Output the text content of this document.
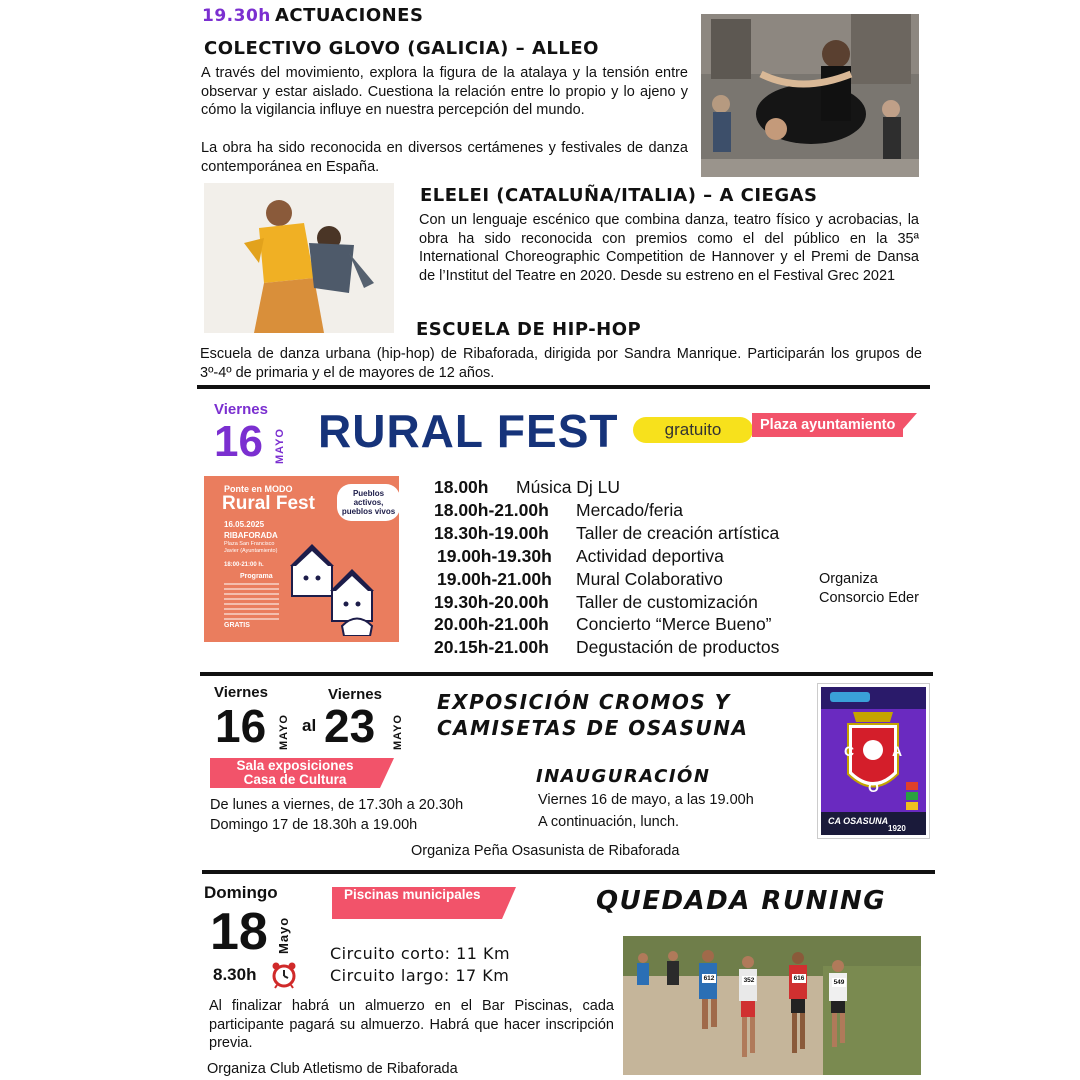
19.30h ACTUACIONES
COLECTIVO GLOVO (GALICIA) – ALLEO
A través del movimiento, explora la figura de la atalaya y la tensión entre observar y estar aislado. Cuestiona la relación entre lo propio y lo ajeno y cómo la vigilancia influye en nuestra percepción del mundo.
La obra ha sido reconocida en diversos certámenes y festivales de danza contemporánea en España.
ELELEI (CATALUÑA/ITALIA) – A CIEGAS
Con un lenguaje escénico que combina danza, teatro físico y acrobacias, la obra ha sido reconocida con premios como el del público en la 35ª International Choreographic Competition de Hannover y el Premi de Dansa de l’Institut del Teatre en 2020. Desde su estreno en el Festival Grec 2021
ESCUELA DE HIP-HOP
Escuela de danza urbana (hip-hop) de Ribaforada, dirigida por Sandra Manrique. Participarán los grupos de 3º-4º de primaria y el de mayores de 12 años.
Viernes
16 MAYO RURAL FEST	gratuito	Plaza ayuntamiento
Ponte en MODO
Rural Fest	Pueblos activos, pueblos vivos
16.05.2025
RIBAFORADA
Plaza San Francisco Javier (Ayuntamiento)
18:00-21:00 h.
Programa
GRATIS
18.00h Música Dj LU
18.00h-21.00h Mercado/feria
18.30h-19.00h Taller de creación artística
19.00h-19.30h Actividad deportiva
19.00h-21.00h Mural Colaborativo
19.30h-20.00h Taller de customización
20.00h-21.00h Concierto “Merce Bueno”
20.15h-21.00h Degustación de productos
Organiza
Consorcio Eder
Viernes
16 MAYO al
Viernes
23 MAYO
EXPOSICIÓN CROMOS Y
CAMISETAS DE OSASUNA
Sala exposiciones
Casa de Cultura
De lunes a viernes, de 17.30h a 20.30h
Domingo 17 de 18.30h a 19.00h
INAUGURACIÓN
Viernes 16 de mayo, a las 19.00h
A continuación, lunch.
Organiza Peña Osasunista de Ribaforada
C	A
O
CA OSASUNA
1920
Domingo
18 Mayo
8.30h
Piscinas municipales	QUEDADA RUNING
Circuito corto: 11 Km
Circuito largo: 17 Km
Al finalizar habrá un almuerzo en el Bar Piscinas, cada participante pagará su almuerzo. Habrá que hacer inscripción previa.
Organiza Club Atletismo de Ribaforada
612	352	616
549
